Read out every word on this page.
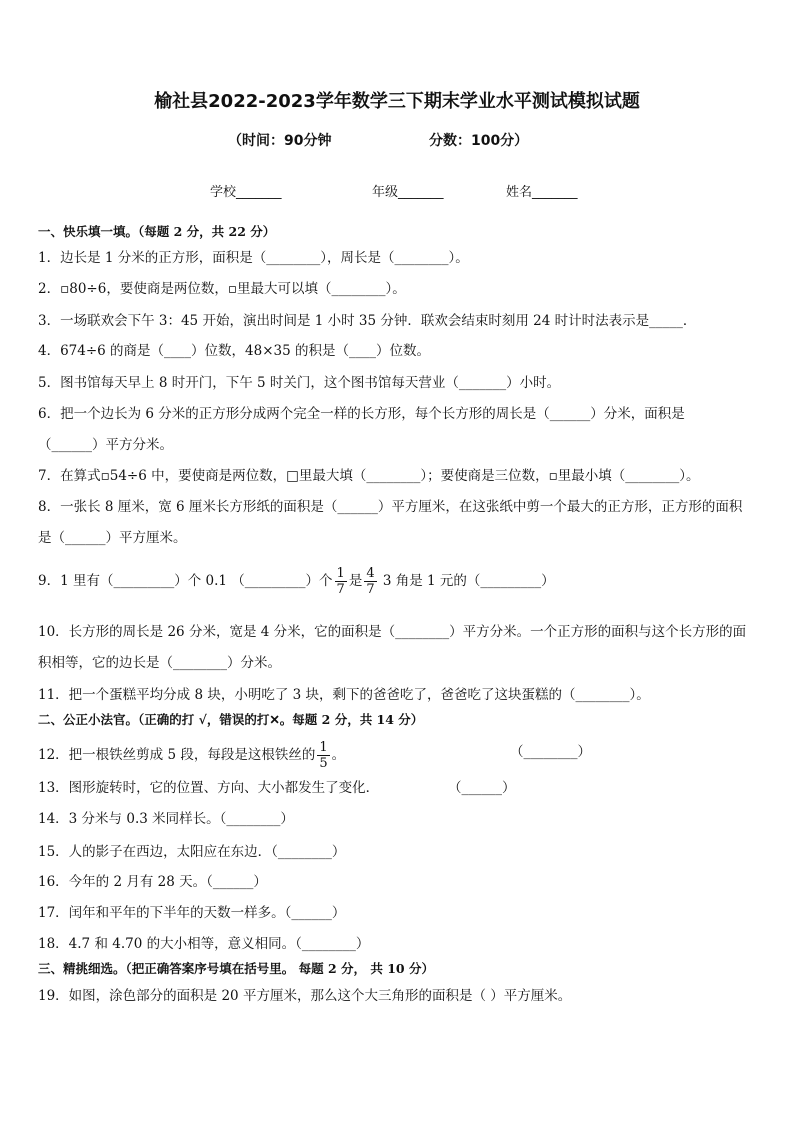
榆社县2022-2023学年数学三下期末学业水平测试模拟试题
（时间：90分钟                    分数：100分）
学校_______	年级_______	姓名_______
一、快乐填一填。（每题 2 分，共 22 分）
1．边长是 1 分米的正方形，面积是（________），周长是（________）。
2．▫80÷6，要使商是两位数，▫里最大可以填（________）。
3．一场联欢会下午 3：45 开始，演出时间是 1 小时 35 分钟．联欢会结束时刻用 24 时计时法表示是_____．
4．674÷6 的商是（____）位数，48×35 的积是（____）位数。
5．图书馆每天早上 8 时开门，下午 5 时关门，这个图书馆每天营业（_______）小时。
6．把一个边长为 6 分米的正方形分成两个完全一样的长方形，每个长方形的周长是（______）分米，面积是
（______）平方分米。
7．在算式▫54÷6 中，要使商是两位数，□里最大填（________）；要使商是三位数，▫里最小填（________）。
8．一张长 8 厘米，宽 6 厘米长方形纸的面积是（______）平方厘米，在这张纸中剪一个最大的正方形，正方形的面积
是（______）平方厘米。
9．1 里有（_________）个 0.1 （_________）个 $\frac{1}{7}$ 是 $\frac{4}{7} 3$ 角是 1 元的（_________）
10．长方形的周长是 26 分米，宽是 4 分米，它的面积是（________）平方分米。一个正方形的面积与这个长方形的面
积相等，它的边长是（________）分米。
11．把一个蛋糕平均分成 8 块，小明吃了 3 块，剩下的爸爸吃了，爸爸吃了这块蛋糕的（________）。
二、公正小法官。（正确的打 √，错误的打✕。每题 2 分，共 14 分）
12．把一根铁丝剪成 5 段，每段是这根铁丝的 $\frac{1}{5}$ 。	（________）
13．图形旋转时，它的位置、方向、大小都发生了变化．	（______）
14．3 分米与 0.3 米同样长。（________）
15．人的影子在西边，太阳应在东边．（________）
16．今年的 2 月有 28 天。（______）
17．闰年和平年的下半年的天数一样多。（______）
18．4.7 和 4.70 的大小相等，意义相同。（________）
三、精挑细选。（把正确答案序号填在括号里。 每题 2 分， 共 10 分）
19．如图，涂色部分的面积是 20 平方厘米，那么这个大三角形的面积是（ ）平方厘米。
